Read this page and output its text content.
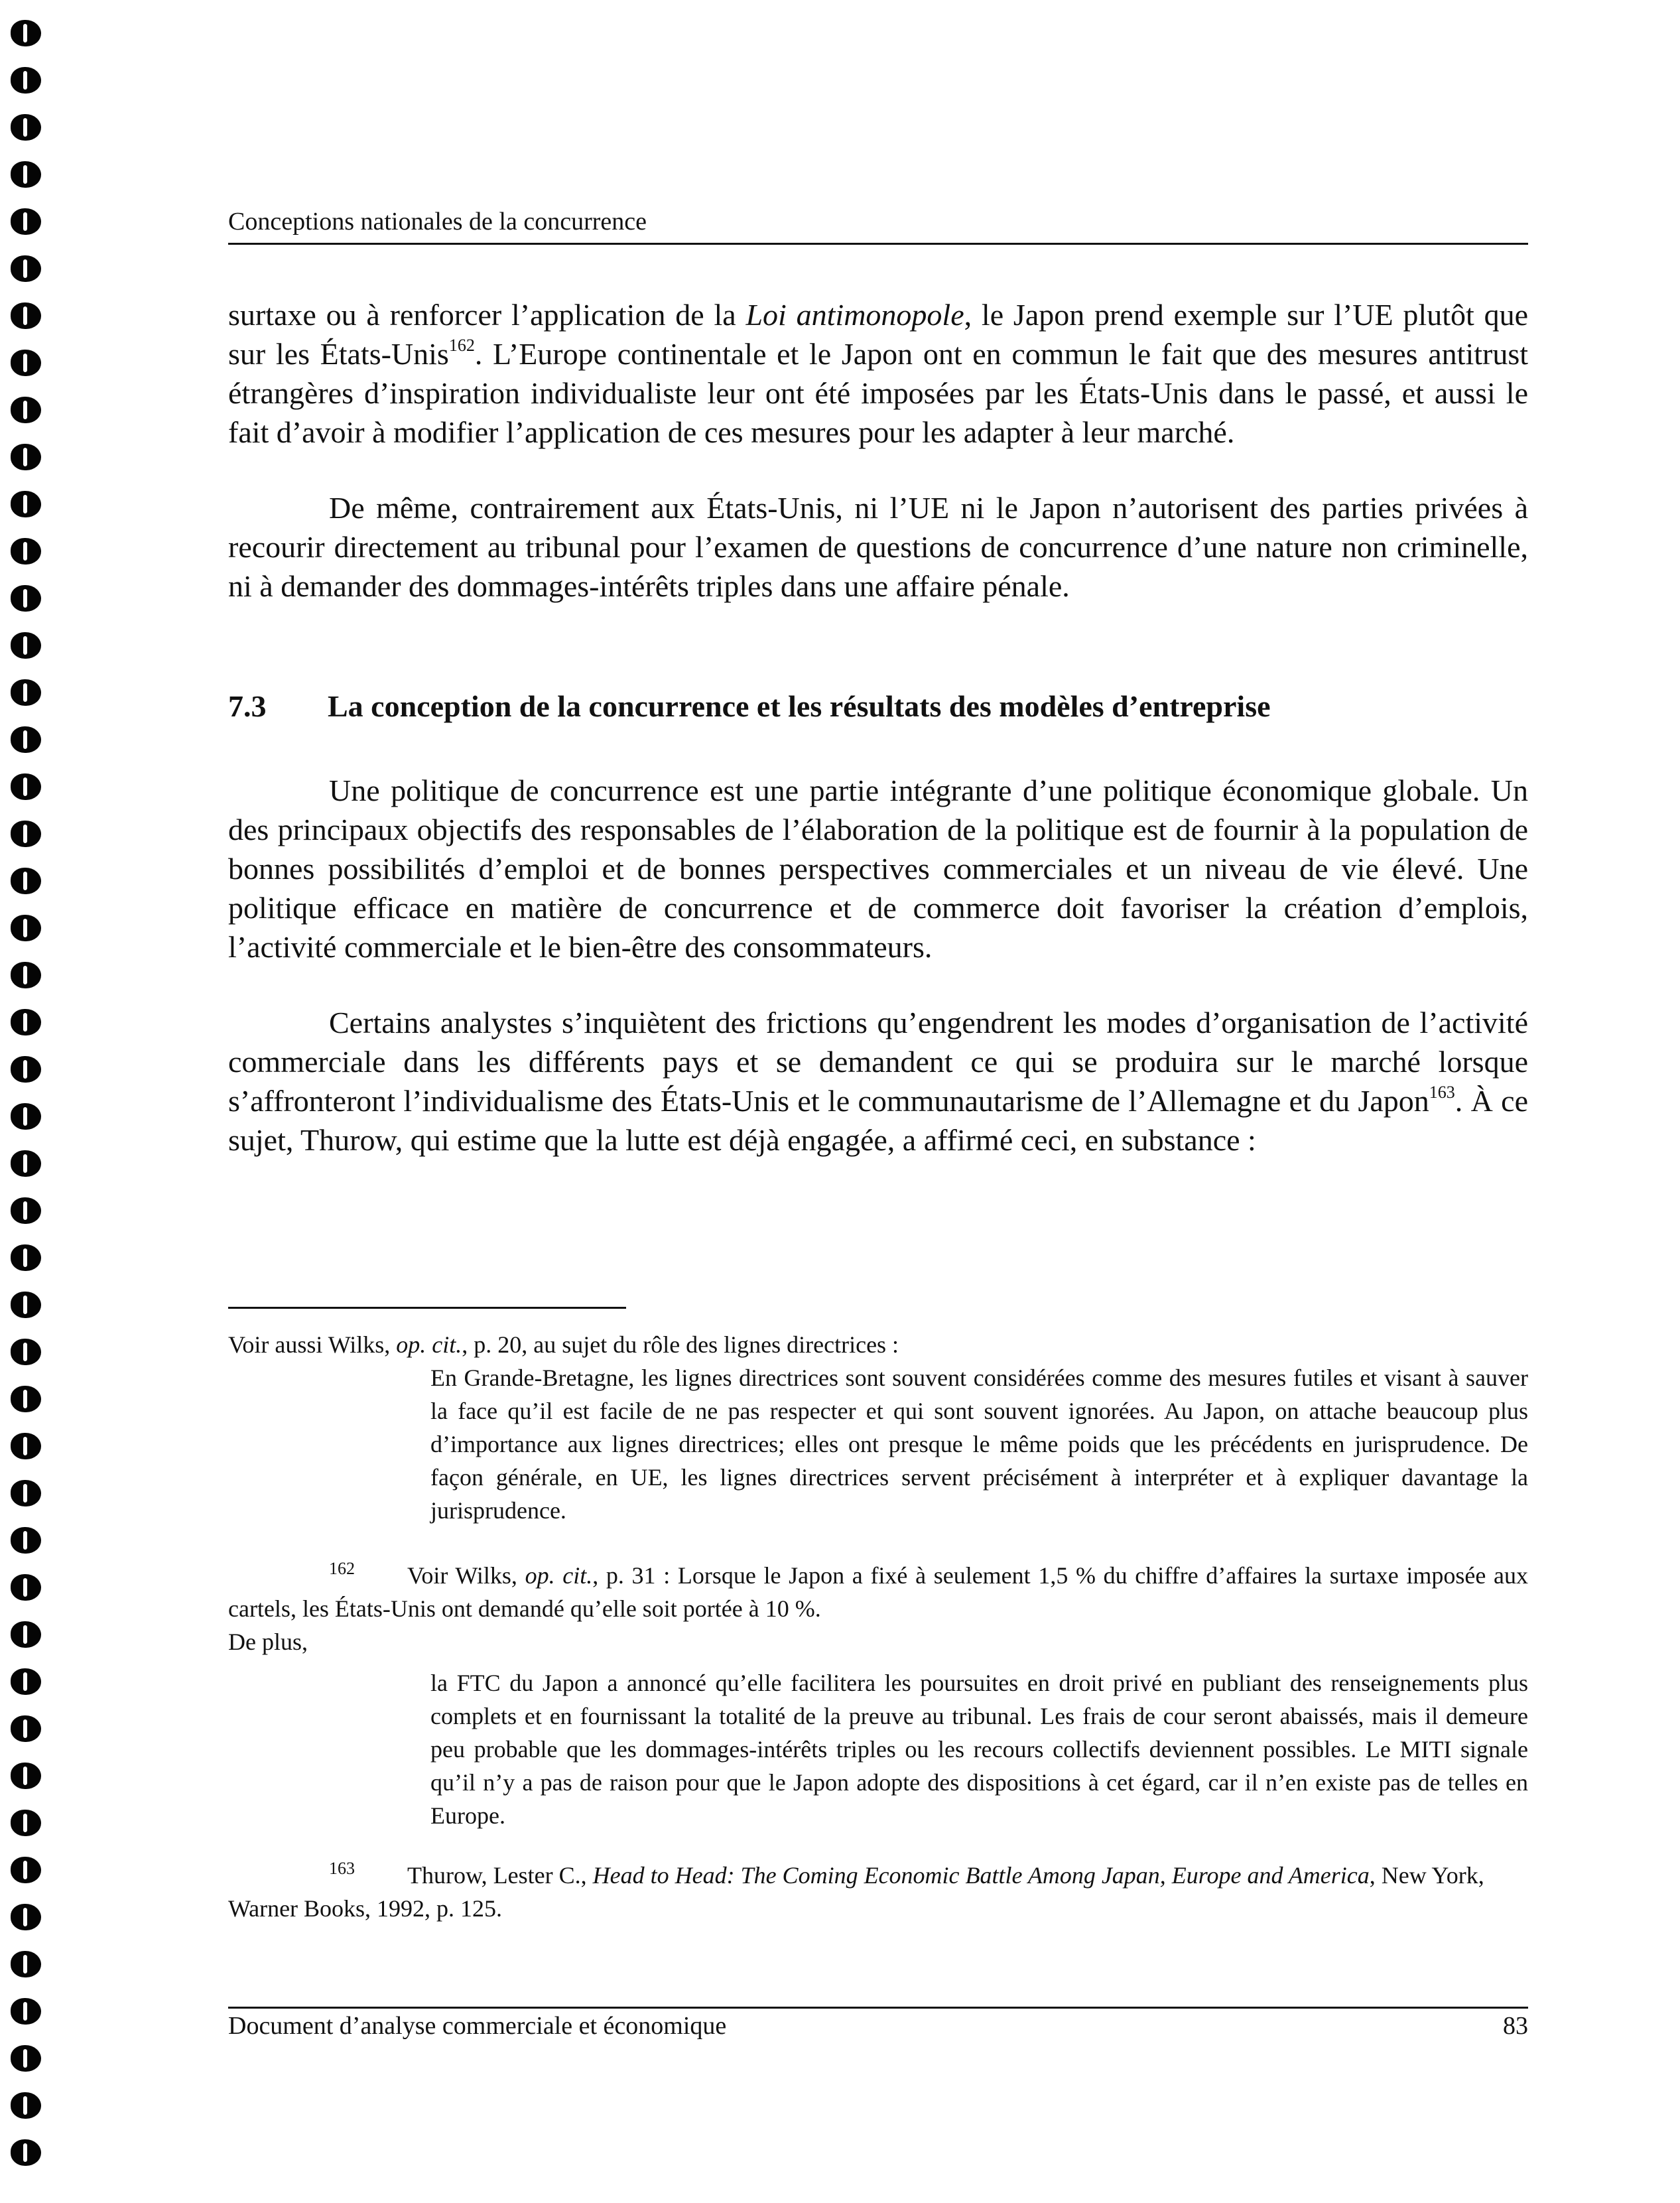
Conceptions nationales de la concurrence

surtaxe ou à renforcer l’application de la Loi antimonopole, le Japon prend exemple sur l’UE plutôt que sur les États-Unis$^{162}$. L’Europe continentale et le Japon ont en commun le fait que des mesures antitrust étrangères d’inspiration individualiste leur ont été imposées par les États-Unis dans le passé, et aussi le fait d’avoir à modifier l’application de ces mesures pour les adapter à leur marché.

De même, contrairement aux États-Unis, ni l’UE ni le Japon n’autorisent des parties privées à recourir directement au tribunal pour l’examen de questions de concurrence d’une nature non criminelle, ni à demander des dommages-intérêts triples dans une affaire pénale.

7.3 La conception de la concurrence et les résultats des modèles d’entreprise

Une politique de concurrence est une partie intégrante d’une politique économique globale. Un des principaux objectifs des responsables de l’élaboration de la politique est de fournir à la population de bonnes possibilités d’emploi et de bonnes perspectives commerciales et un niveau de vie élevé. Une politique efficace en matière de concurrence et de commerce doit favoriser la création d’emplois, l’activité commerciale et le bien-être des consommateurs.

Certains analystes s’inquiètent des frictions qu’engendrent les modes d’organisation de l’activité commerciale dans les différents pays et se demandent ce qui se produira sur le marché lorsque s’affronteront l’individualisme des États-Unis et le communautarisme de l’Allemagne et du Japon$^{163}$. À ce sujet, Thurow, qui estime que la lutte est déjà engagée, a affirmé ceci, en substance :

Voir aussi Wilks, op. cit., p. 20, au sujet du rôle des lignes directrices :

En Grande-Bretagne, les lignes directrices sont souvent considérées comme des mesures futiles et visant à sauver la face qu’il est facile de ne pas respecter et qui sont souvent ignorées. Au Japon, on attache beaucoup plus d’importance aux lignes directrices; elles ont presque le même poids que les précédents en jurisprudence. De façon générale, en UE, les lignes directrices servent précisément à interpréter et à expliquer davantage la jurisprudence.

162 Voir Wilks, op. cit., p. 31 : Lorsque le Japon a fixé à seulement 1,5 % du chiffre d’affaires la surtaxe imposée aux cartels, les États-Unis ont demandé qu’elle soit portée à 10 %.

De plus,

la FTC du Japon a annoncé qu’elle facilitera les poursuites en droit privé en publiant des renseignements plus complets et en fournissant la totalité de la preuve au tribunal. Les frais de cour seront abaissés, mais il demeure peu probable que les dommages-intérêts triples ou les recours collectifs deviennent possibles. Le MITI signale qu’il n’y a pas de raison pour que le Japon adopte des dispositions à cet égard, car il n’en existe pas de telles en Europe.

163 Thurow, Lester C., Head to Head: The Coming Economic Battle Among Japan, Europe and America, New York, Warner Books, 1992, p. 125.

Document d’analyse commerciale et économique	83
